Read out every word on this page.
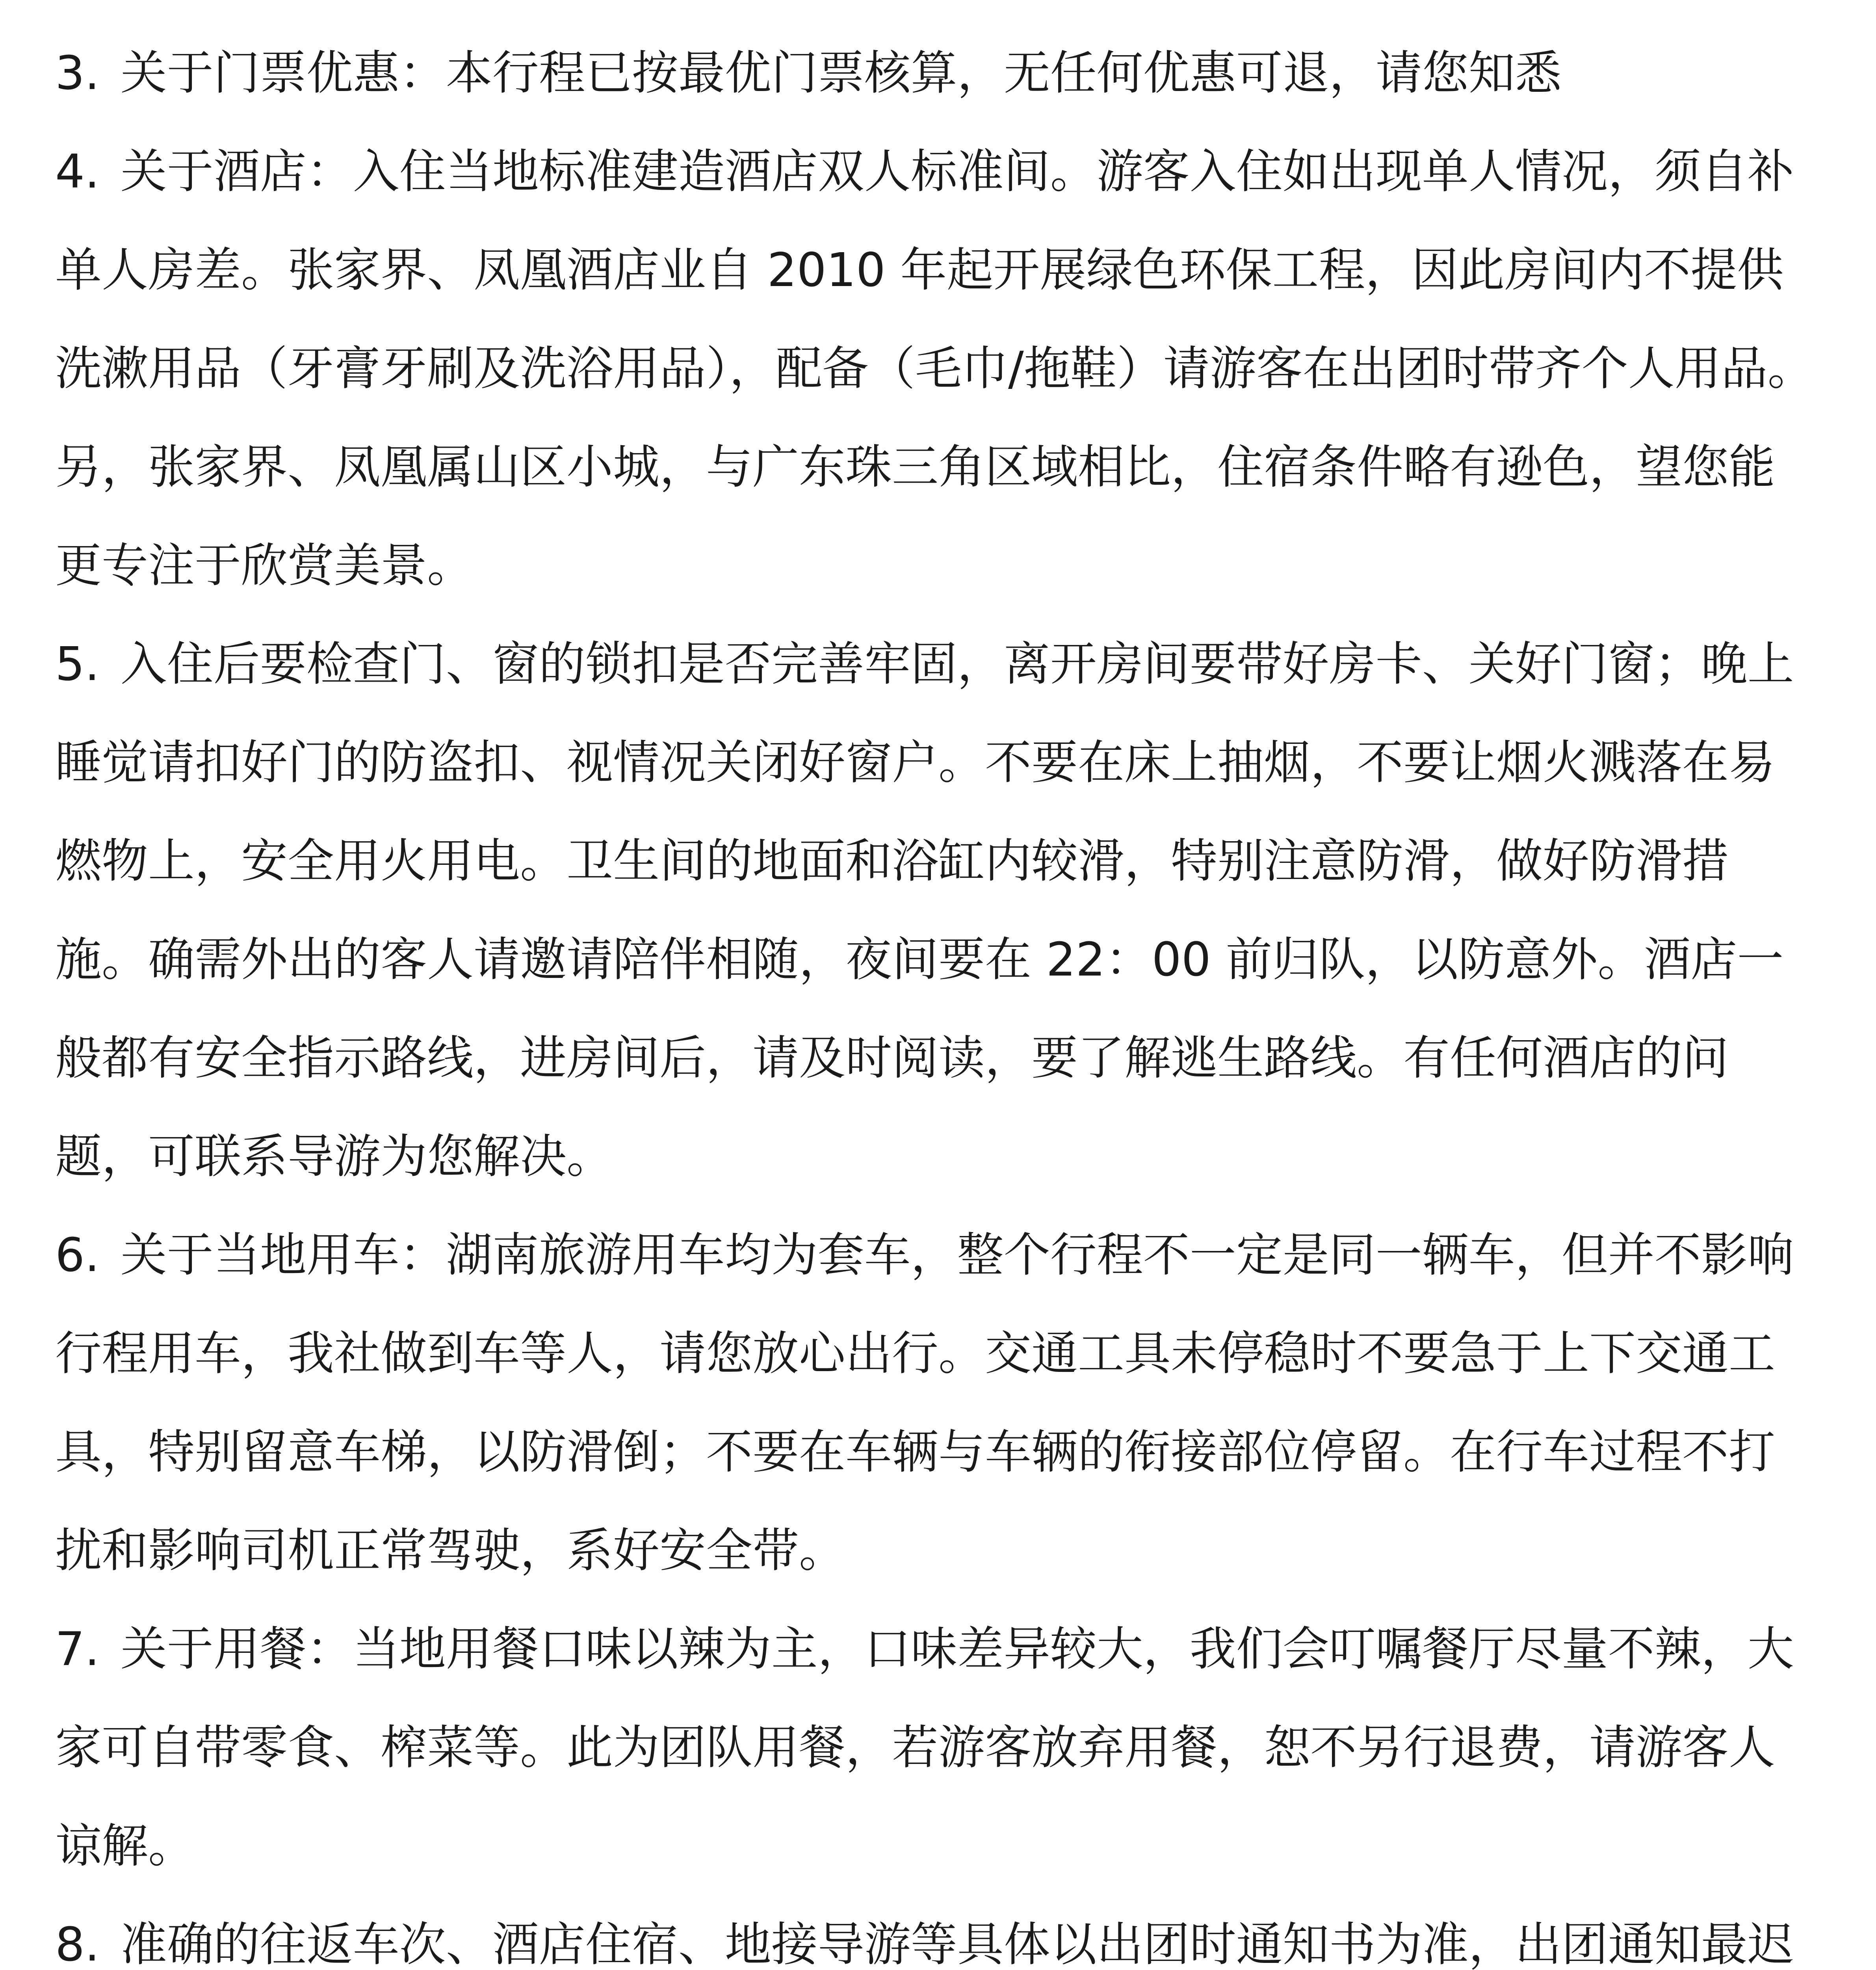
3. 关于门票优惠：本行程已按最优门票核算，无任何优惠可退，请您知悉
4. 关于酒店：入住当地标准建造酒店双人标准间。游客入住如出现单人情况，须自补单人房差。张家界、凤凰酒店业自 2010 年起开展绿色环保工程，因此房间内不提供洗漱用品（牙膏牙刷及洗浴用品），配备（毛巾/拖鞋）请游客在出团时带齐个人用品。另，张家界、凤凰属山区小城，与广东珠三角区域相比，住宿条件略有逊色，望您能更专注于欣赏美景。
5. 入住后要检查门、窗的锁扣是否完善牢固，离开房间要带好房卡、关好门窗；晚上睡觉请扣好门的防盗扣、视情况关闭好窗户。不要在床上抽烟，不要让烟火溅落在易燃物上，安全用火用电。卫生间的地面和浴缸内较滑，特别注意防滑，做好防滑措施。确需外出的客人请邀请陪伴相随，夜间要在 22：00 前归队，以防意外。酒店一般都有安全指示路线，进房间后，请及时阅读，要了解逃生路线。有任何酒店的问题，可联系导游为您解决。
6. 关于当地用车：湖南旅游用车均为套车，整个行程不一定是同一辆车，但并不影响行程用车，我社做到车等人，请您放心出行。交通工具未停稳时不要急于上下交通工具，特别留意车梯，以防滑倒；不要在车辆与车辆的衔接部位停留。在行车过程不打扰和影响司机正常驾驶，系好安全带。
7. 关于用餐：当地用餐口味以辣为主，口味差异较大，我们会叮嘱餐厅尽量不辣，大家可自带零食、榨菜等。此为团队用餐，若游客放弃用餐，恕不另行退费，请游客人谅解。
8. 准确的往返车次、酒店住宿、地接导游等具体以出团时通知书为准，出团通知最迟
